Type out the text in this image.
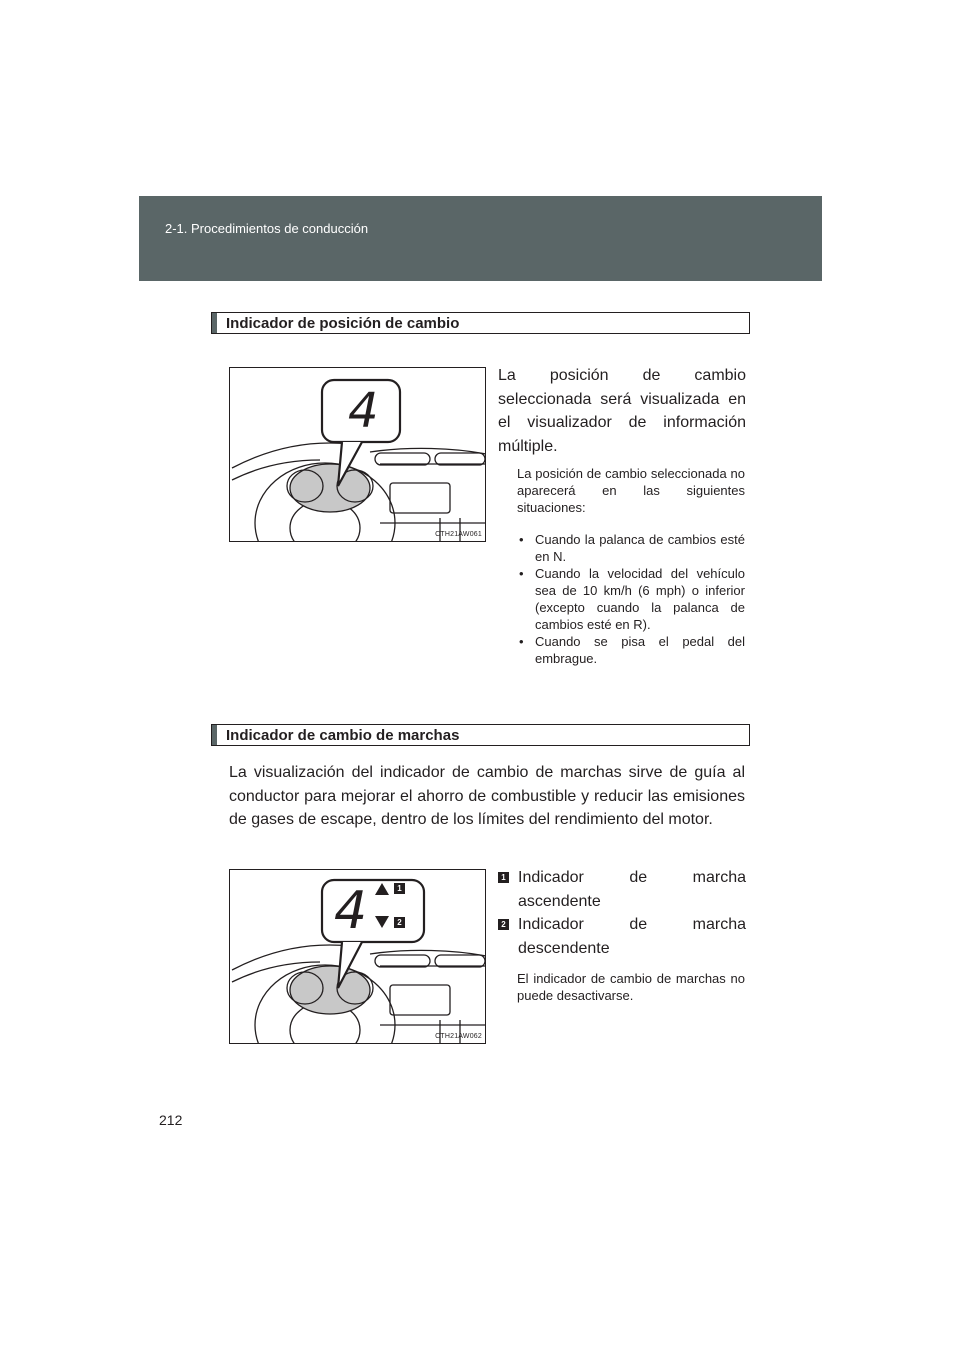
2-1. Procedimientos de conducción
Indicador de posición de cambio
4
CTH21AW061
La posición de cambio seleccionada será visualizada en el visualizador de información múltiple.
La posición de cambio seleccionada no aparecerá en las siguientes situaciones:
• Cuando la palanca de cambios esté en N.
• Cuando la velocidad del vehículo sea de 10 km/h (6 mph) o inferior (excepto cuando la palanca de cambios esté en R).
• Cuando se pisa el pedal del embrague.
Indicador de cambio de marchas
La visualización del indicador de cambio de marchas sirve de guía al conductor para mejorar el ahorro de combustible y reducir las emisiones de gases de escape, dentro de los límites del rendimiento del motor.
4	1
2
CTH21AW062
1 Indicador de marcha ascendente
2 Indicador de marcha descendente
El indicador de cambio de marchas no puede desactivarse.
212
